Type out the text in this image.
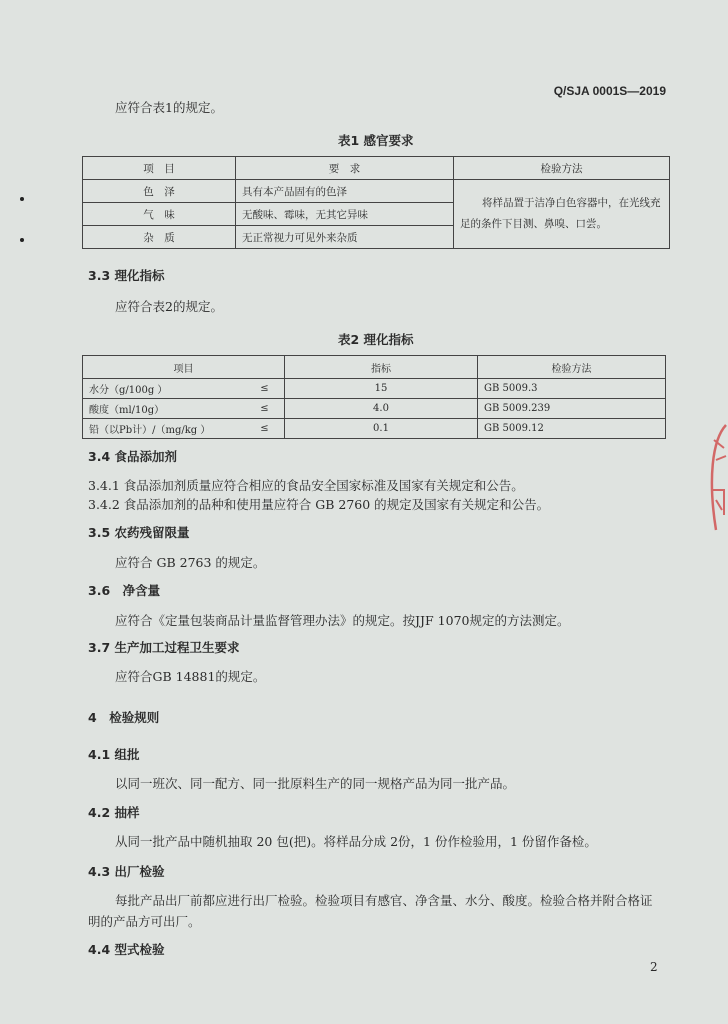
Q/SJA 0001S—2019
应符合表1的规定。
表1 感官要求
项　目	要　求	检验方法
色　泽	具有本产品固有的色泽	将样品置于洁净白色容器中，在光线充
足的条件下目测、鼻嗅、口尝。

气　味	无酸味、霉味，无其它异味	
杂　质	无正常视力可见外来杂质	
3.3 理化指标
应符合表2的规定。
表2 理化指标
项目		指标	检验方法
水分（g/100g ）	≤	15	GB 5009.3
酸度（ml/10g）	≤	4.0	GB 5009.239
铅（以Pb计）/（mg/kg ）	≤	0.1	GB 5009.12
3.4 食品添加剂
3.4.1 食品添加剂质量应符合相应的食品安全国家标准及国家有关规定和公告。
3.4.2 食品添加剂的品种和使用量应符合 GB 2760 的规定及国家有关规定和公告。
3.5 农药残留限量
应符合 GB 2763 的规定。
3.6　净含量
应符合《定量包装商品计量监督管理办法》的规定。按JJF 1070规定的方法测定。
3.7 生产加工过程卫生要求
应符合GB 14881的规定。
4　检验规则
4.1 组批
以同一班次、同一配方、同一批原料生产的同一规格产品为同一批产品。
4.2 抽样
从同一批产品中随机抽取 20 包(把)。将样品分成 2份，1 份作检验用，1 份留作备检。
4.3 出厂检验
每批产品出厂前都应进行出厂检验。检验项目有感官、净含量、水分、酸度。检验合格并附合格证
明的产品方可出厂。
4.4 型式检验
2
